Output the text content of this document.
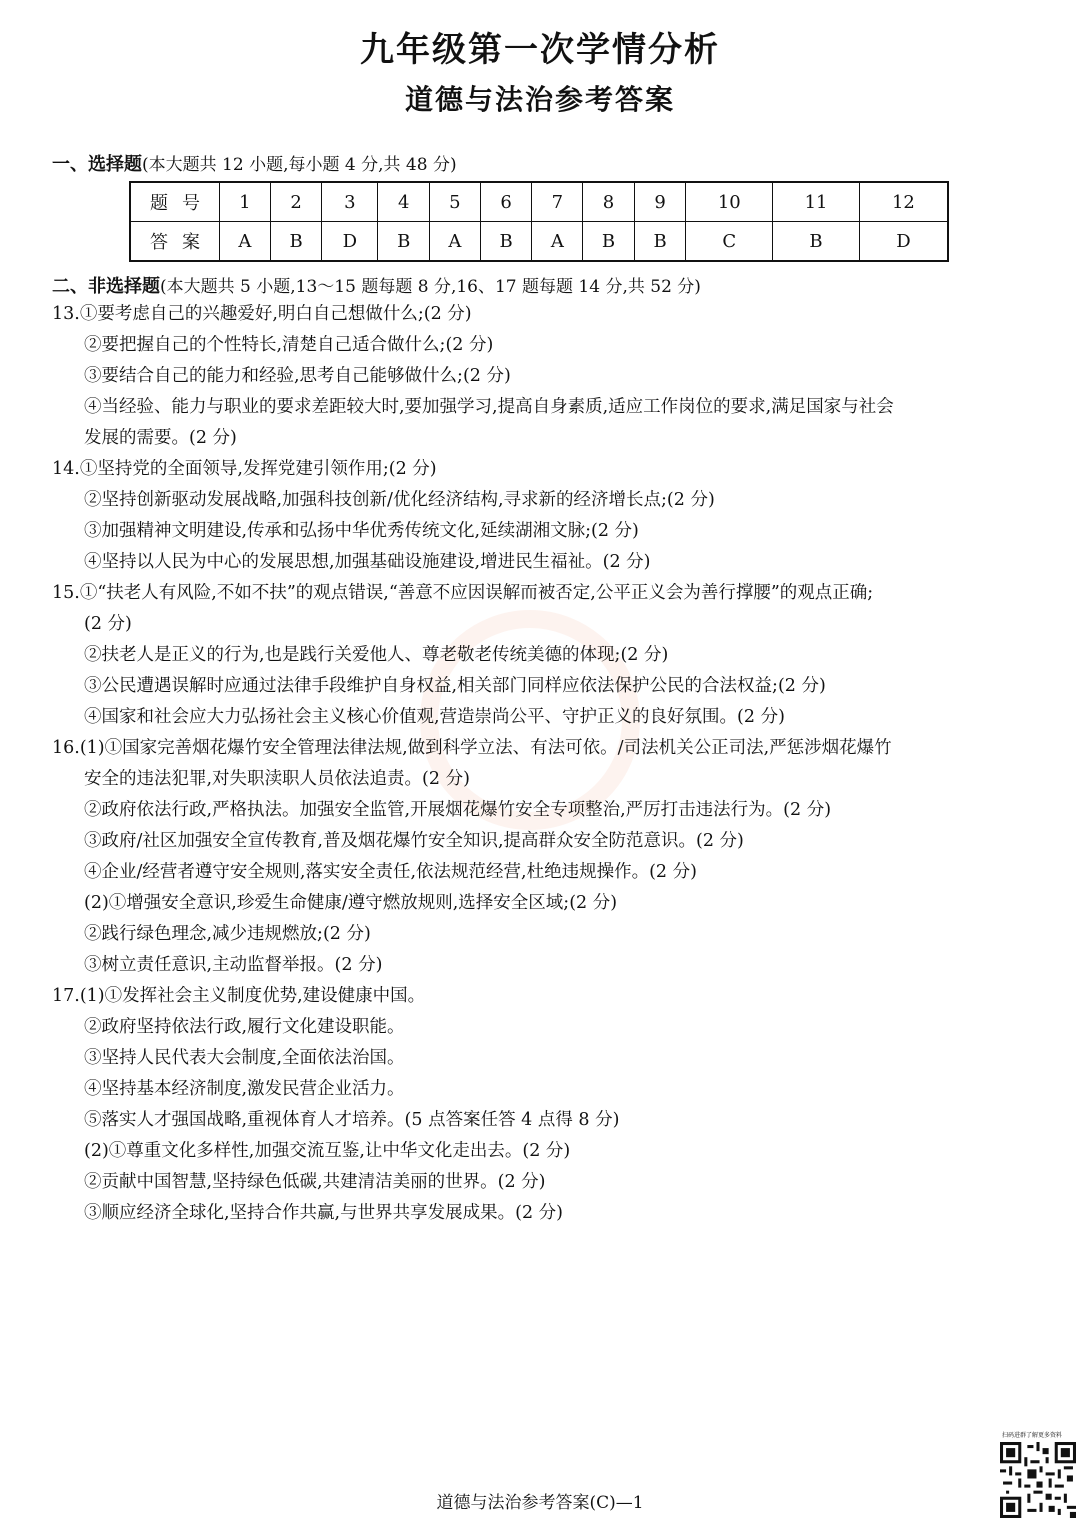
九年级第一次学情分析
道德与法治参考答案
一、选择题(本大题共 12 小题,每小题 4 分,共 48 分)
题号	1	2	3	4	5	6	7	8	9	10	11	12
答案	A	B	D	B	A	B	A	B	B	C	B	D
二、非选择题(本大题共 5 小题,13～15 题每题 8 分,16、17 题每题 14 分,共 52 分)
13.①要考虑自己的兴趣爱好,明白自己想做什么;(2 分)
②要把握自己的个性特长,清楚自己适合做什么;(2 分)
③要结合自己的能力和经验,思考自己能够做什么;(2 分)
④当经验、能力与职业的要求差距较大时,要加强学习,提高自身素质,适应工作岗位的要求,满足国家与社会
发展的需要。(2 分)
14.①坚持党的全面领导,发挥党建引领作用;(2 分)
②坚持创新驱动发展战略,加强科技创新/优化经济结构,寻求新的经济增长点;(2 分)
③加强精神文明建设,传承和弘扬中华优秀传统文化,延续湖湘文脉;(2 分)
④坚持以人民为中心的发展思想,加强基础设施建设,增进民生福祉。(2 分)
15.①“扶老人有风险,不如不扶”的观点错误,“善意不应因误解而被否定,公平正义会为善行撑腰”的观点正确;
(2 分)
②扶老人是正义的行为,也是践行关爱他人、尊老敬老传统美德的体现;(2 分)
③公民遭遇误解时应通过法律手段维护自身权益,相关部门同样应依法保护公民的合法权益;(2 分)
④国家和社会应大力弘扬社会主义核心价值观,营造崇尚公平、守护正义的良好氛围。(2 分)
16.(1)①国家完善烟花爆竹安全管理法律法规,做到科学立法、有法可依。/司法机关公正司法,严惩涉烟花爆竹
安全的违法犯罪,对失职渎职人员依法追责。(2 分)
②政府依法行政,严格执法。加强安全监管,开展烟花爆竹安全专项整治,严厉打击违法行为。(2 分)
③政府/社区加强安全宣传教育,普及烟花爆竹安全知识,提高群众安全防范意识。(2 分)
④企业/经营者遵守安全规则,落实安全责任,依法规范经营,杜绝违规操作。(2 分)
(2)①增强安全意识,珍爱生命健康/遵守燃放规则,选择安全区域;(2 分)
②践行绿色理念,减少违规燃放;(2 分)
③树立责任意识,主动监督举报。(2 分)
17.(1)①发挥社会主义制度优势,建设健康中国。
②政府坚持依法行政,履行文化建设职能。
③坚持人民代表大会制度,全面依法治国。
④坚持基本经济制度,激发民营企业活力。
⑤落实人才强国战略,重视体育人才培养。(5 点答案任答 4 点得 8 分)
(2)①尊重文化多样性,加强交流互鉴,让中华文化走出去。(2 分)
②贡献中国智慧,坚持绿色低碳,共建清洁美丽的世界。(2 分)
③顺应经济全球化,坚持合作共赢,与世界共享发展成果。(2 分)
扫码进群了解更多资料
道德与法治参考答案(C)—1
